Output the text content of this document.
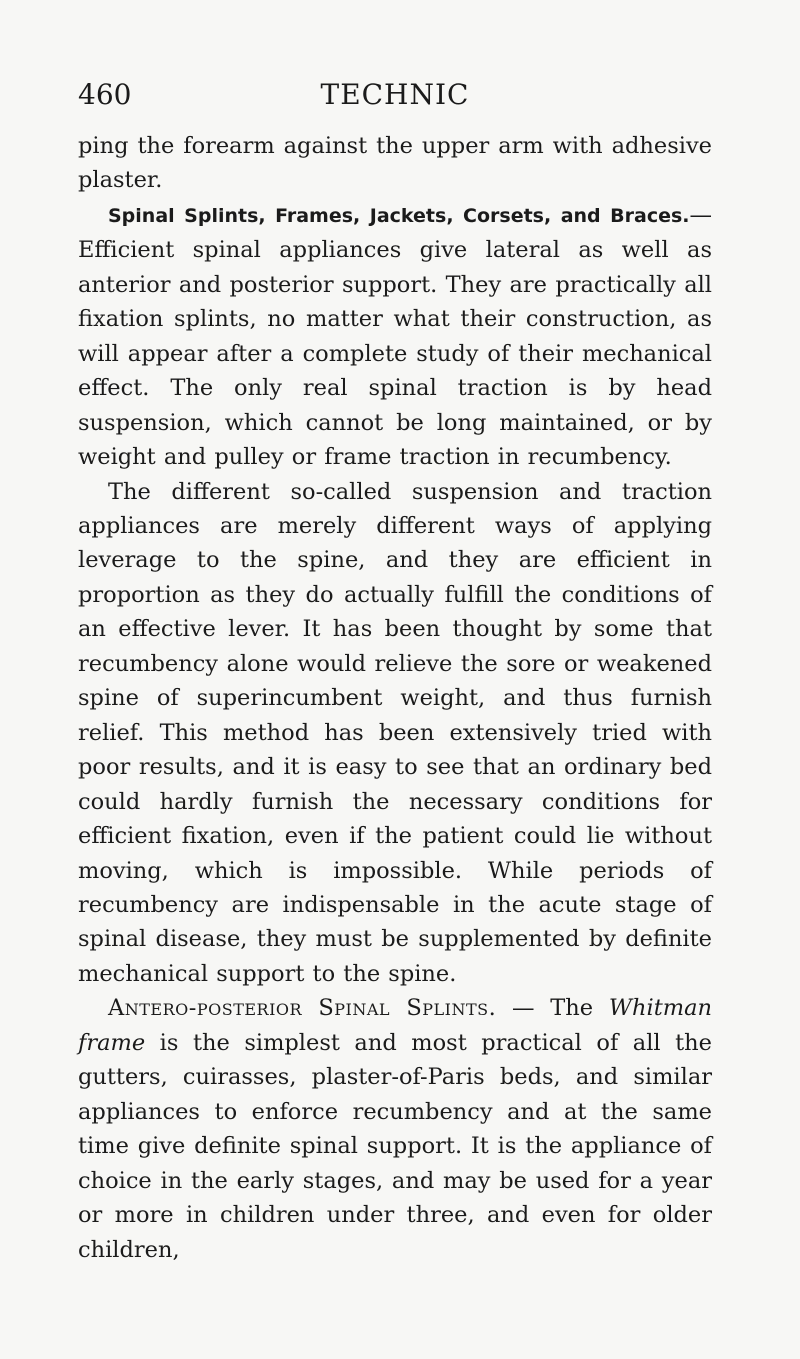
460	TECHNIC

ping the forearm against the upper arm with adhesive plaster.

Spinal Splints, Frames, Jackets, Corsets, and Braces.—Efficient spinal appliances give lateral as well as anterior and posterior support. They are practically all fixation splints, no matter what their construction, as will appear after a complete study of their mechanical effect. The only real spinal traction is by head suspension, which cannot be long maintained, or by weight and pulley or frame traction in recumbency.

The different so-called suspension and traction appliances are merely different ways of applying leverage to the spine, and they are efficient in proportion as they do actually fulfill the conditions of an effective lever. It has been thought by some that recumbency alone would relieve the sore or weakened spine of superincumbent weight, and thus furnish relief. This method has been extensively tried with poor results, and it is easy to see that an ordinary bed could hardly furnish the necessary conditions for efficient fixation, even if the patient could lie without moving, which is impossible. While periods of recumbency are indispensable in the acute stage of spinal disease, they must be supplemented by definite mechanical support to the spine.

Antero-posterior Spinal Splints. — The Whitman frame is the simplest and most practical of all the gutters, cuirasses, plaster-of-Paris beds, and similar appliances to enforce recumbency and at the same time give definite spinal support. It is the appliance of choice in the early stages, and may be used for a year or more in children under three, and even for older children,
